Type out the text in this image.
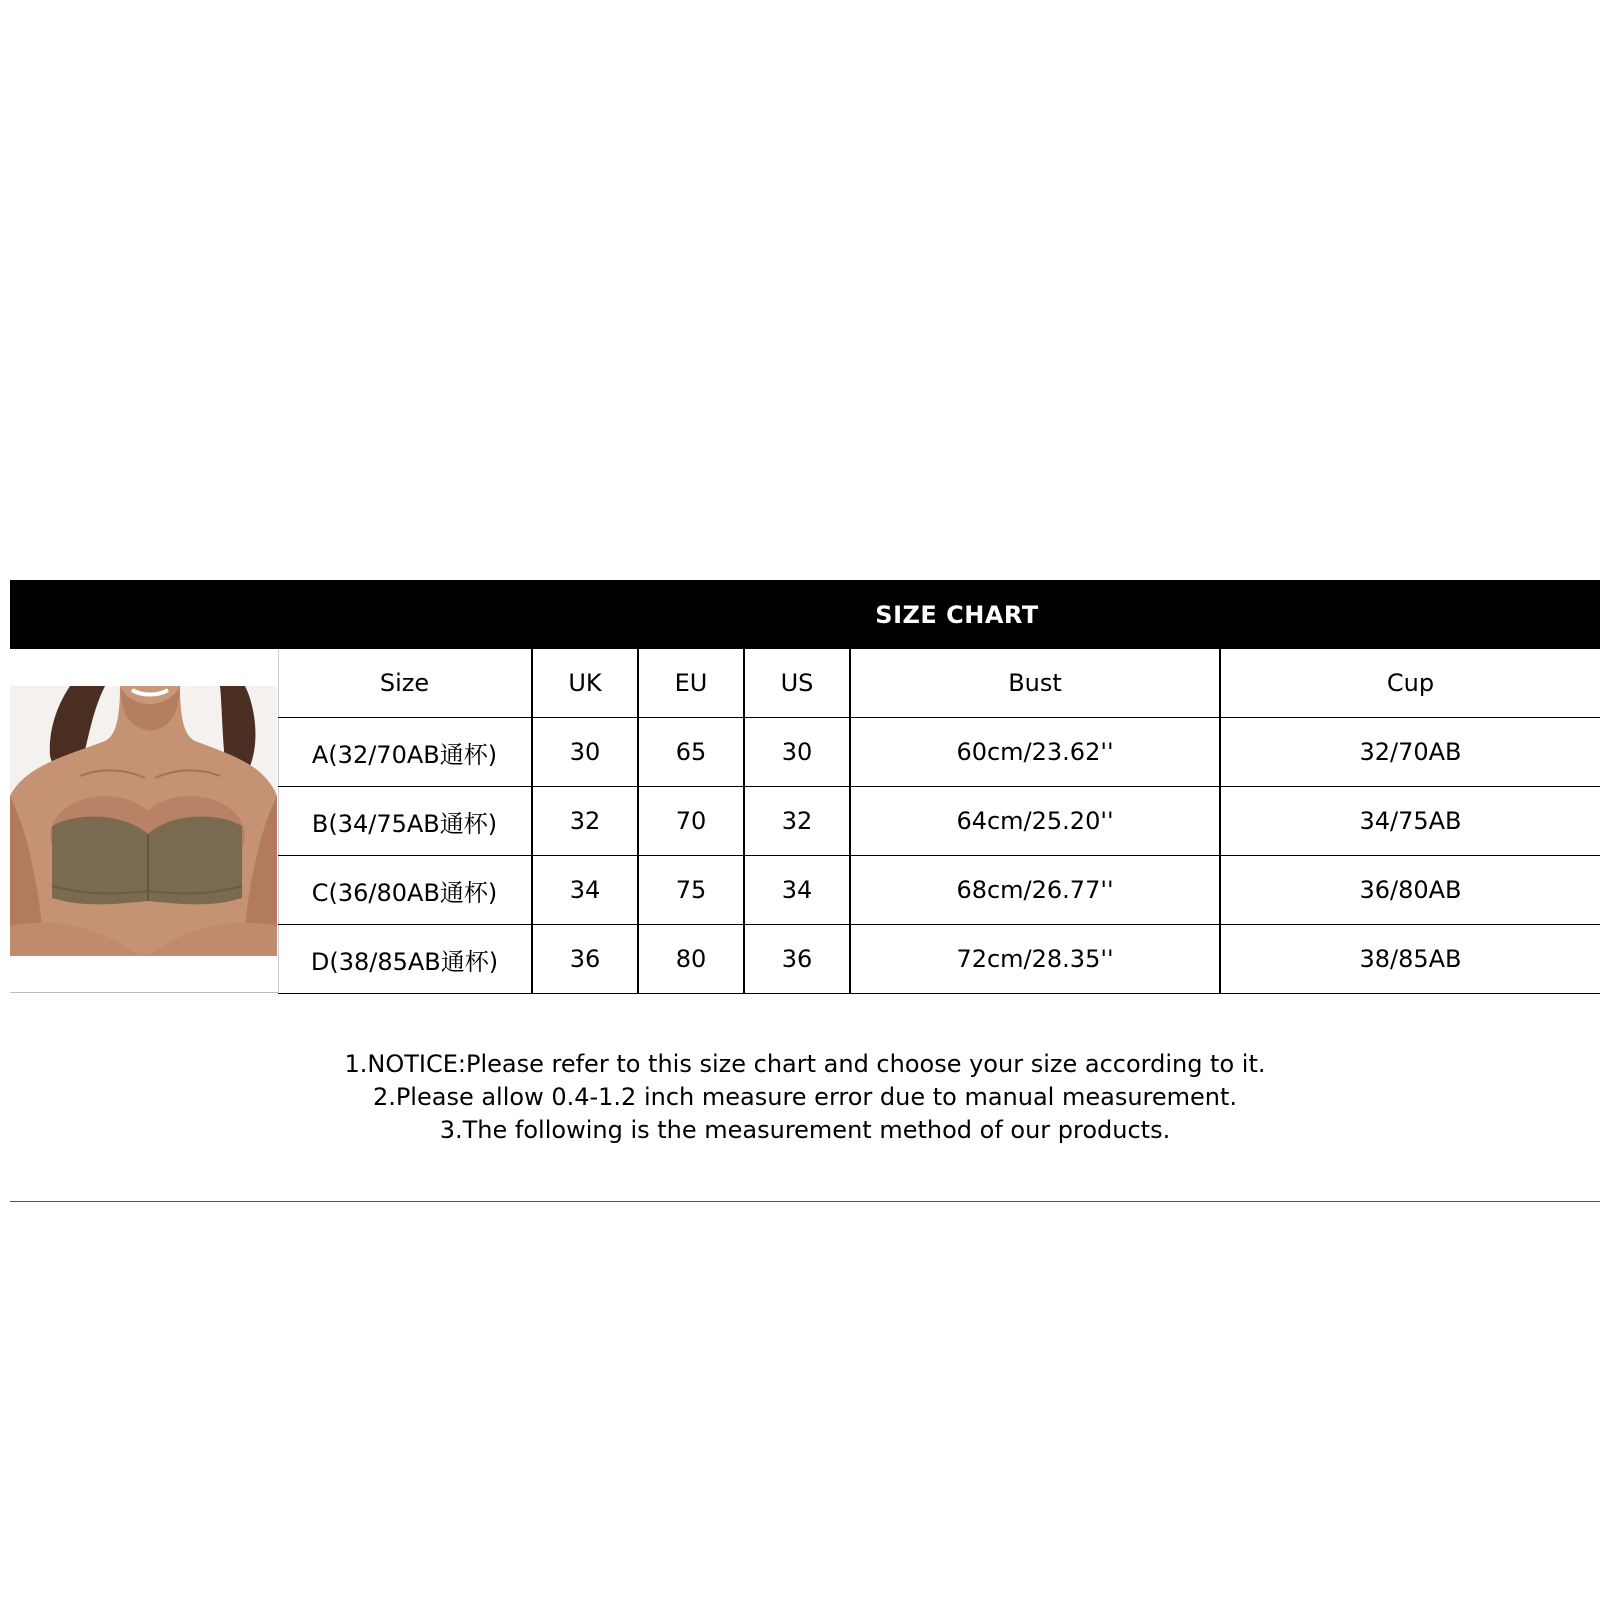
SIZE CHART
Size	UK	EU	US	Bust	Cup
A(32/70AB通杯)	30	65	30	60cm/23.62''	32/70AB
B(34/75AB通杯)	32	70	32	64cm/25.20''	34/75AB
C(36/80AB通杯)	34	75	34	68cm/26.77''	36/80AB
D(38/85AB通杯)	36	80	36	72cm/28.35''	38/85AB
1.NOTICE:Please refer to this size chart and choose your size according to it.
2.Please allow 0.4-1.2 inch measure error due to manual measurement.
3.The following is the measurement method of our products.
